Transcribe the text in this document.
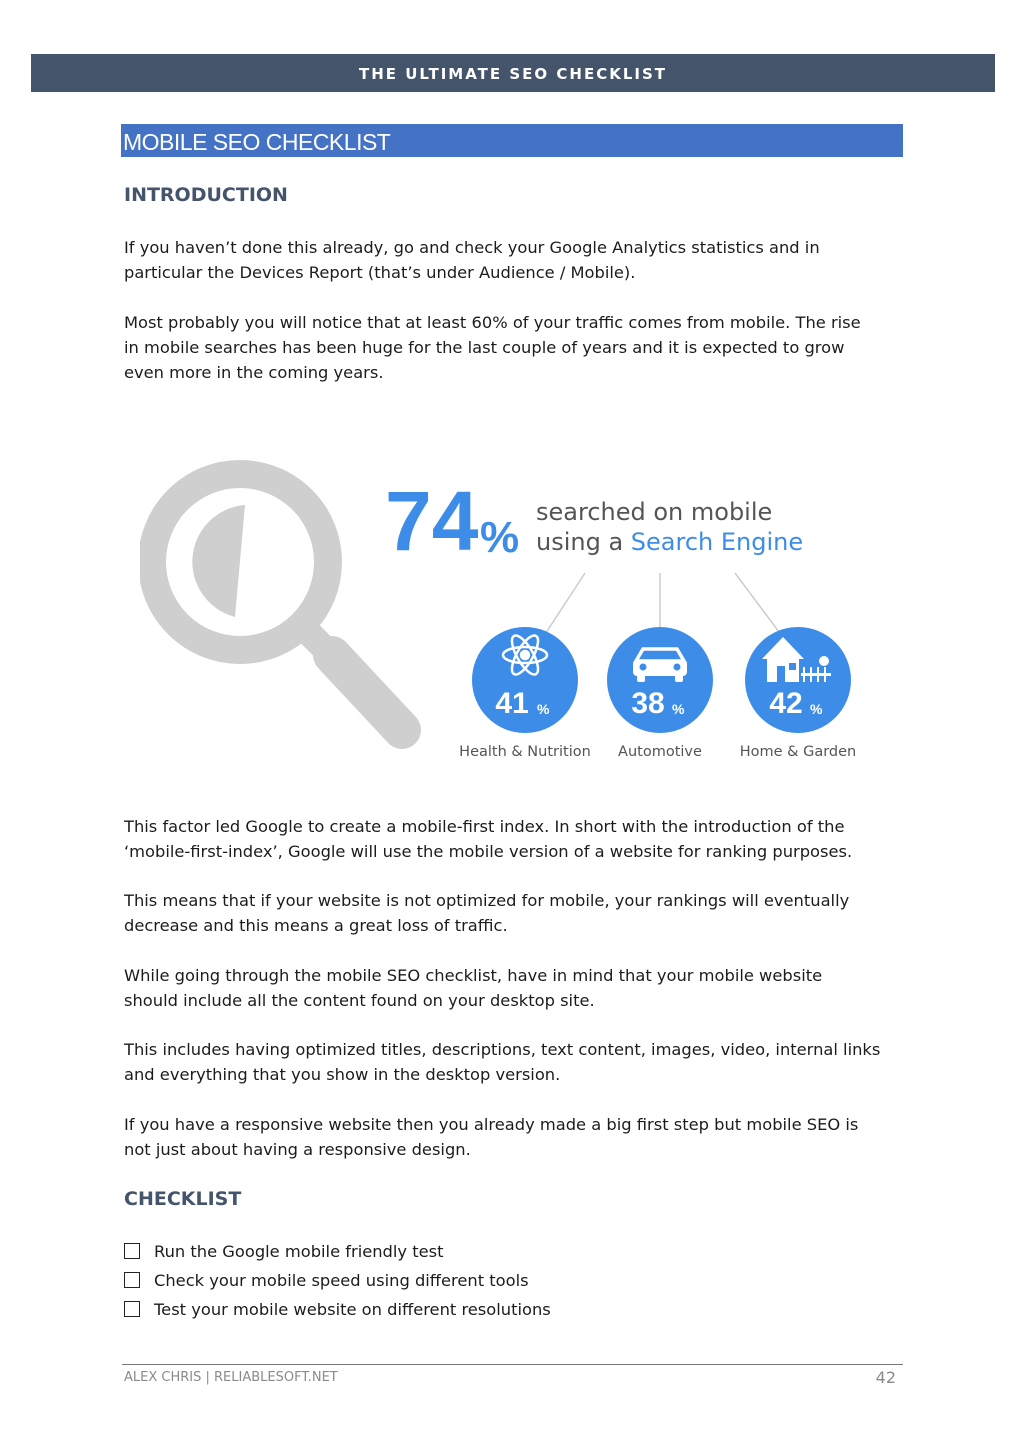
THE ULTIMATE SEO CHECKLIST
MOBILE SEO CHECKLIST
INTRODUCTION
If you haven’t done this already, go and check your Google Analytics statistics and in
particular the Devices Report (that’s under Audience / Mobile).
Most probably you will notice that at least 60% of your traffic comes from mobile. The rise
in mobile searches has been huge for the last couple of years and it is expected to grow
even more in the coming years.
74 %
searched on mobile
using a Search Engine
41 %
Health & Nutrition
38 %
Automotive
42 %
Home & Garden
This factor led Google to create a mobile-first index. In short with the introduction of the
‘mobile-first-index’, Google will use the mobile version of a website for ranking purposes.
This means that if your website is not optimized for mobile, your rankings will eventually
decrease and this means a great loss of traffic.
While going through the mobile SEO checklist, have in mind that your mobile website
should include all the content found on your desktop site.
This includes having optimized titles, descriptions, text content, images, video, internal links
and everything that you show in the desktop version.
If you have a responsive website then you already made a big first step but mobile SEO is
not just about having a responsive design.
CHECKLIST
Run the Google mobile friendly test
Check your mobile speed using different tools
Test your mobile website on different resolutions
ALEX CHRIS | RELIABLESOFT.NET	42
